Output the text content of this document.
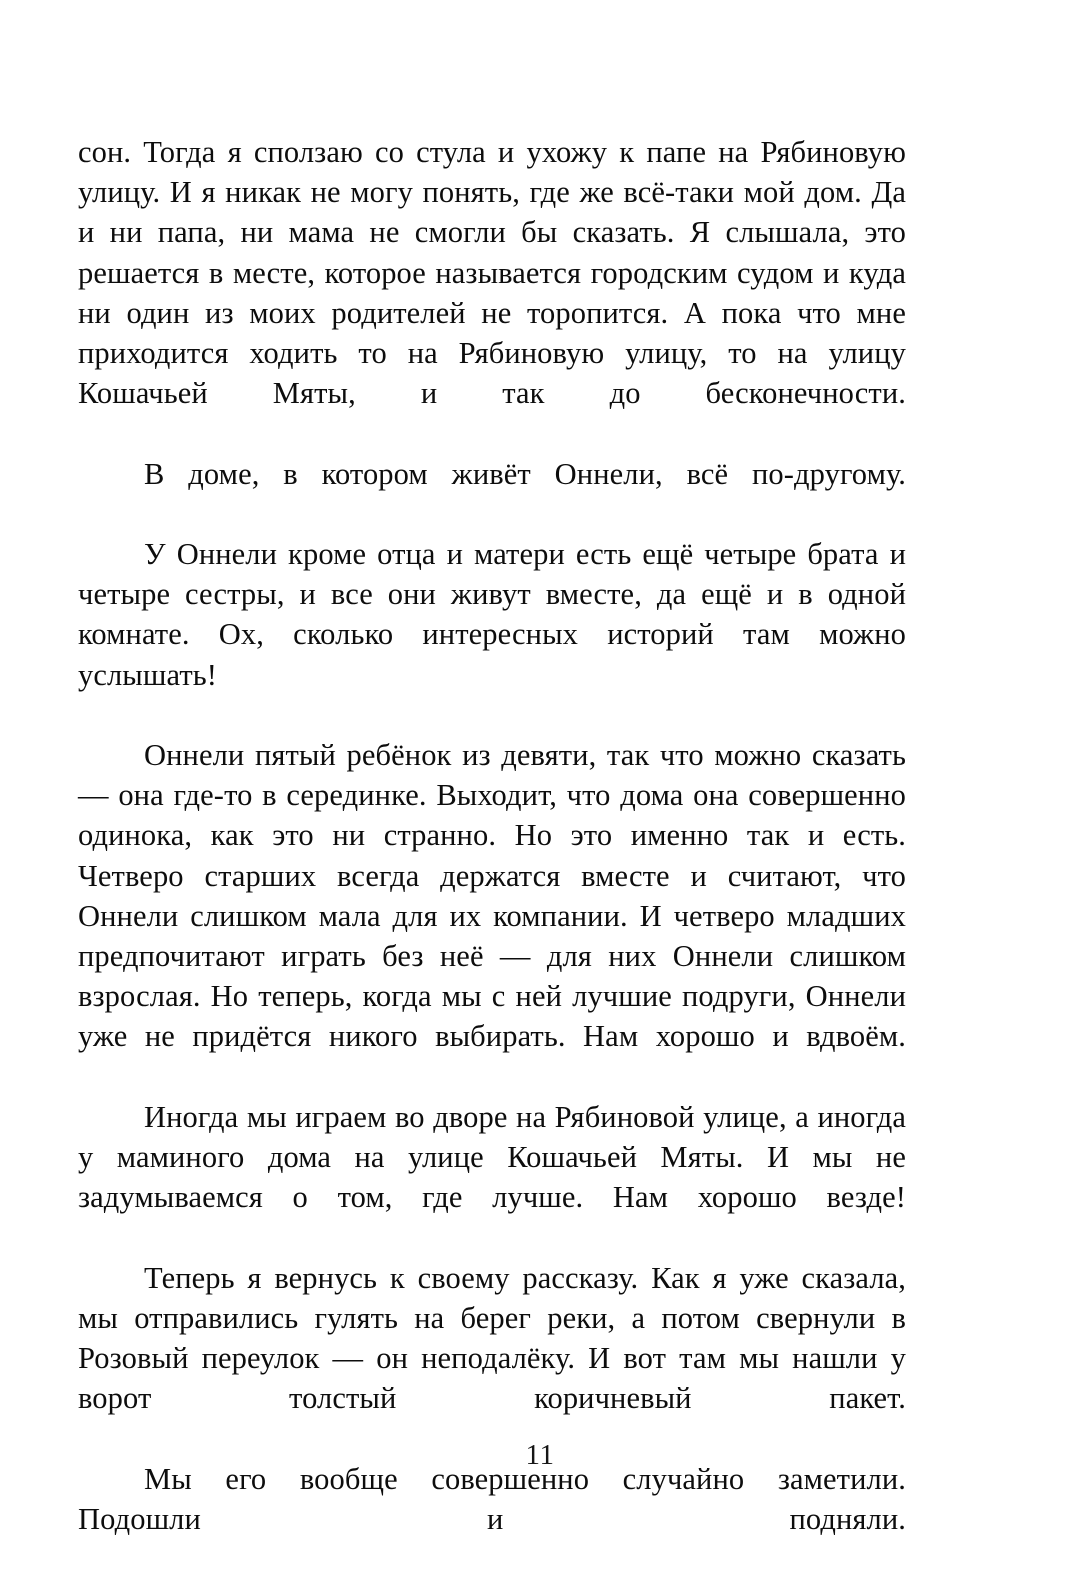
сон. Тогда я сползаю со стула и ухожу к папе на Рябиновую улицу. И я никак не могу понять, где же всё-таки мой дом. Да и ни папа, ни мама не смогли бы сказать. Я слышала, это решается в месте, которое называется городским судом и куда ни один из моих родителей не торопится. А пока что мне приходится ходить то на Рябиновую улицу, то на улицу Кошачьей Мяты, и так до бесконечности.

В доме, в котором живёт Оннели, всё по-другому.

У Оннели кроме отца и матери есть ещё четыре брата и четыре сестры, и все они живут вместе, да ещё и в одной комнате. Ох, сколько интересных историй там можно услышать!

Оннели пятый ребёнок из девяти, так что можно сказать — она где-то в серединке. Выходит, что дома она совершенно одинока, как это ни странно. Но это именно так и есть. Четверо старших всегда держатся вместе и считают, что Оннели слишком мала для их компании. И четверо младших предпочитают играть без неё — для них Оннели слишком взрослая. Но теперь, когда мы с ней лучшие подруги, Оннели уже не придётся никого выбирать. Нам хорошо и вдвоём.

Иногда мы играем во дворе на Рябиновой улице, а иногда у маминого дома на улице Кошачьей Мяты. И мы не задумываемся о том, где лучше. Нам хорошо везде!

Теперь я вернусь к своему рассказу. Как я уже сказала, мы отправились гулять на берег реки, а потом свернули в Розовый переулок — он неподалёку. И вот там мы нашли у ворот толстый коричневый пакет.

Мы его вообще совершенно случайно заметили. Подошли и подняли.

11
